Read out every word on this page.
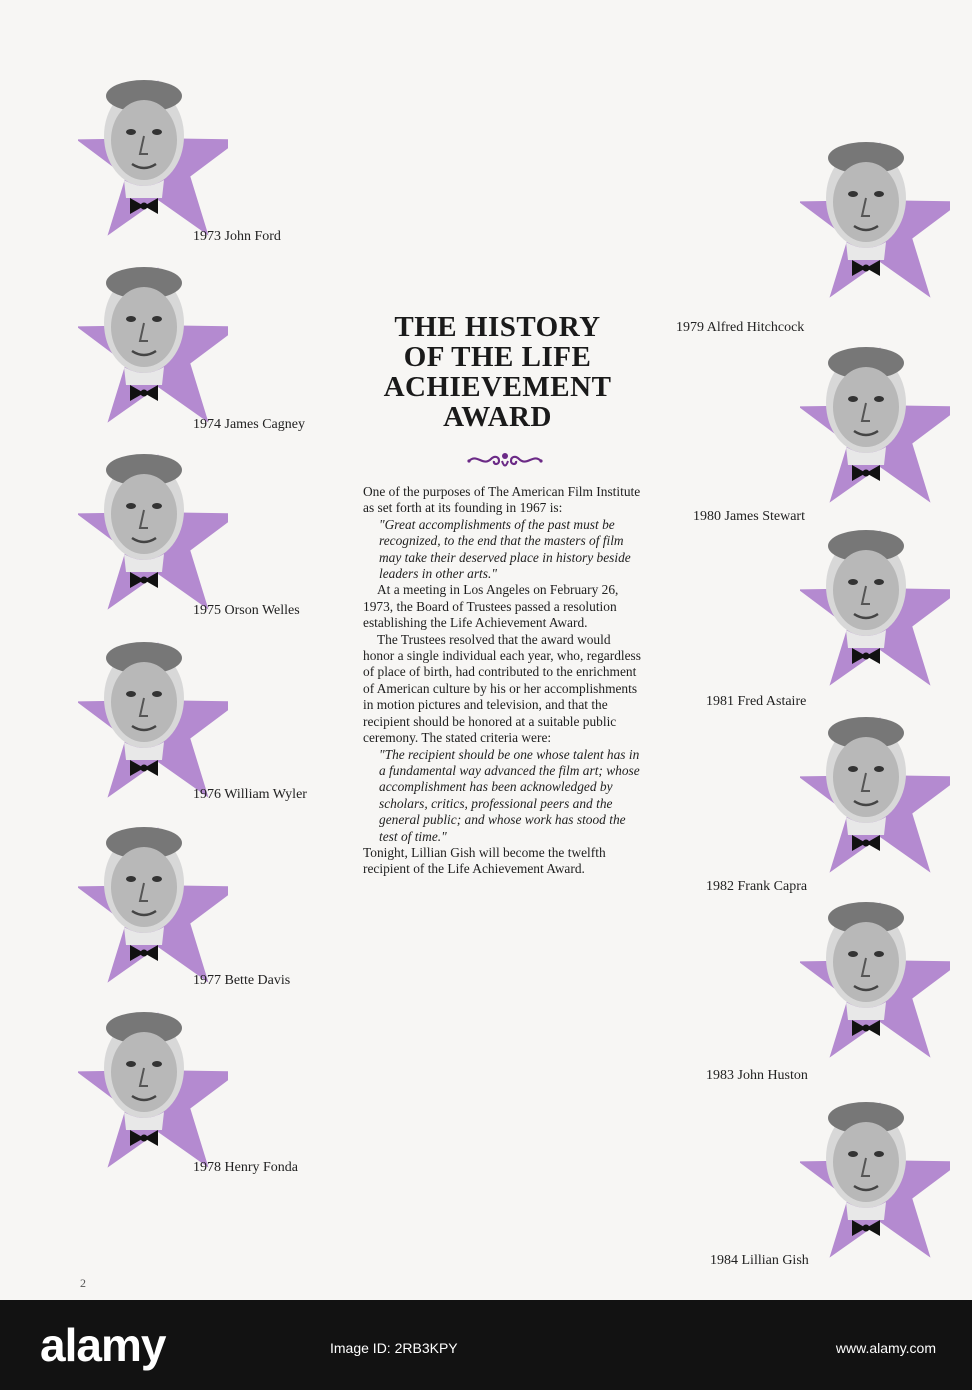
1973 John Ford
1974 James Cagney
1975 Orson Welles
1976 William Wyler
1977 Bette Davis
1978 Henry Fonda
1979 Alfred Hitchcock
1980 James Stewart
1981 Fred Astaire
1982 Frank Capra
1983 John Huston
1984 Lillian Gish
THE HISTORY
OF THE LIFE
ACHIEVEMENT
AWARD

One of the purposes of The American Film Institute as set forth at its founding in 1967 is:

"Great accomplishments of the past must be recognized, to the end that the masters of film may take their deserved place in history beside leaders in other arts."

At a meeting in Los Angeles on February 26, 1973, the Board of Trustees passed a resolution establishing the Life Achievement Award.

The Trustees resolved that the award would honor a single individual each year, who, regardless of place of birth, had contributed to the enrichment of American culture by his or her accomplishments in motion pictures and television, and that the recipient should be honored at a suitable public ceremony. The stated criteria were:

"The recipient should be one whose talent has in a fundamental way advanced the film art; whose accomplishment has been acknowledged by scholars, critics, professional peers and the general public; and whose work has stood the test of time."

Tonight, Lillian Gish will become the twelfth recipient of the Life Achievement Award.

2
alamy	Image ID: 2RB3KPY	www.alamy.com
